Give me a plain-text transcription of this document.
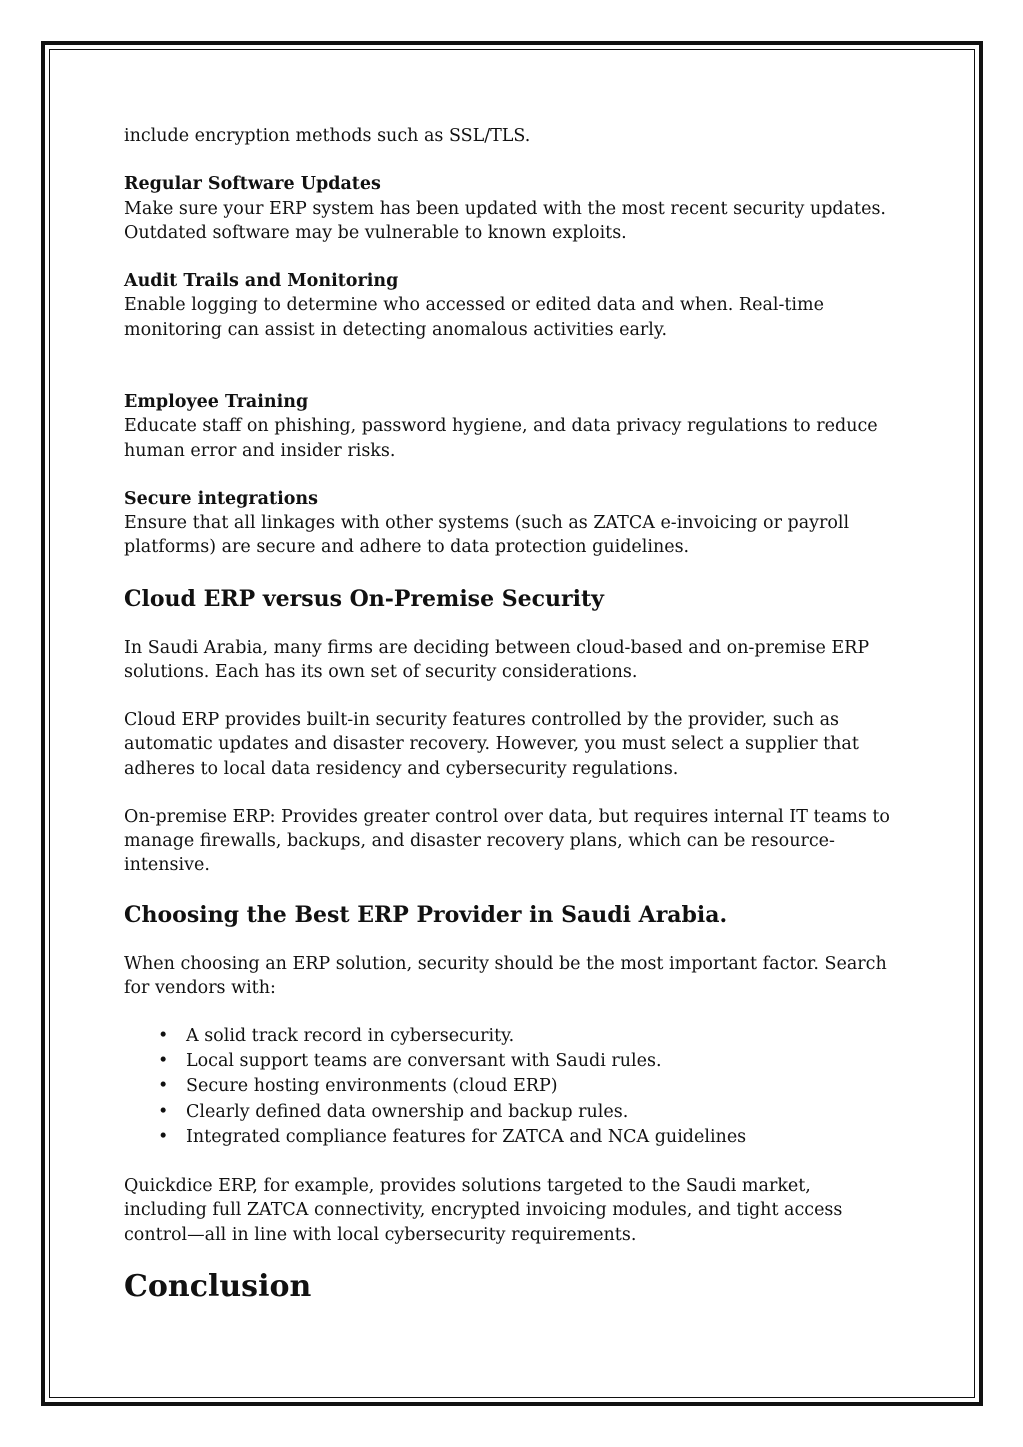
include encryption methods such as SSL/TLS.

Regular Software Updates

Make sure your ERP system has been updated with the most recent security updates. Outdated software may be vulnerable to known exploits.

Audit Trails and Monitoring

Enable logging to determine who accessed or edited data and when. Real-time monitoring can assist in detecting anomalous activities early.

Employee Training

Educate staff on phishing, password hygiene, and data privacy regulations to reduce human error and insider risks.

Secure integrations

Ensure that all linkages with other systems (such as ZATCA e-invoicing or payroll platforms) are secure and adhere to data protection guidelines.

Cloud ERP versus On-Premise Security

In Saudi Arabia, many firms are deciding between cloud-based and on-premise ERP solutions. Each has its own set of security considerations.

Cloud ERP provides built-in security features controlled by the provider, such as automatic updates and disaster recovery. However, you must select a supplier that adheres to local data residency and cybersecurity regulations.

On-premise ERP: Provides greater control over data, but requires internal IT teams to manage firewalls, backups, and disaster recovery plans, which can be resource-intensive.

Choosing the Best ERP Provider in Saudi Arabia.

When choosing an ERP solution, security should be the most important factor. Search for vendors with:

• A solid track record in cybersecurity.
• Local support teams are conversant with Saudi rules.
• Secure hosting environments (cloud ERP)
• Clearly defined data ownership and backup rules.
• Integrated compliance features for ZATCA and NCA guidelines

Quickdice ERP, for example, provides solutions targeted to the Saudi market, including full ZATCA connectivity, encrypted invoicing modules, and tight access control—all in line with local cybersecurity requirements.

Conclusion
